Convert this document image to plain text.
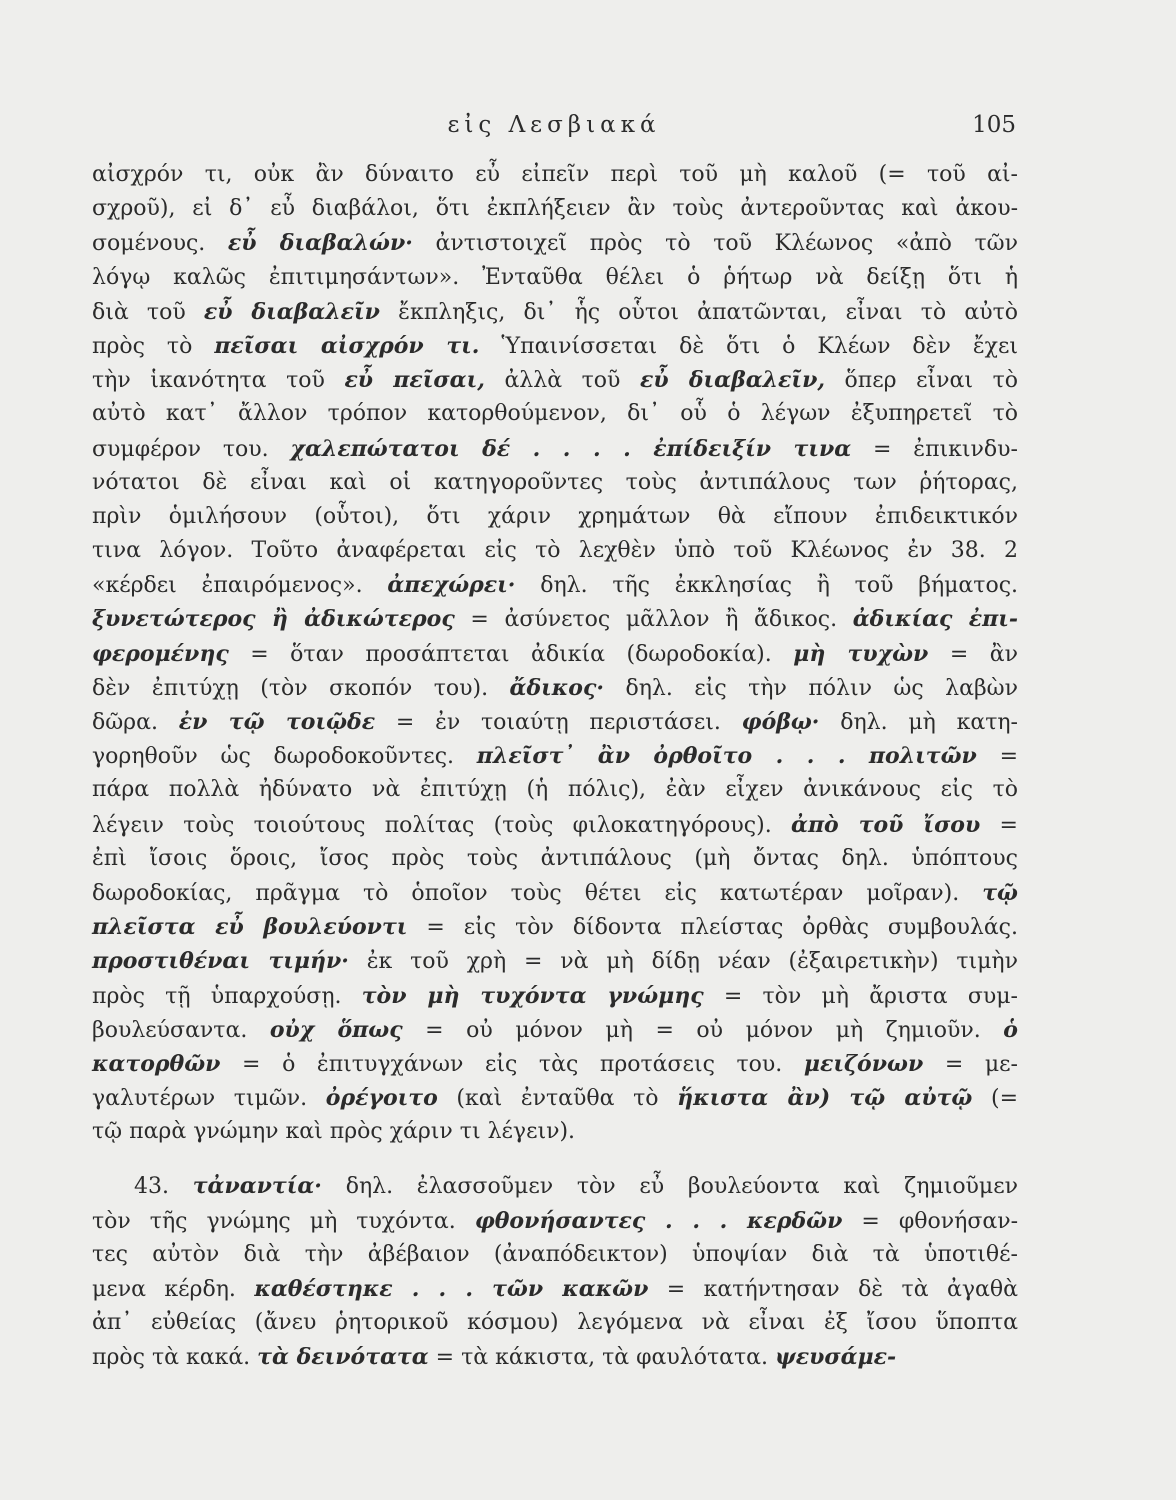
εἰς Λεσβιακά	105
αἰσχρόν τι, οὐκ ἂν δύναιτο εὖ εἰπεῖν περὶ τοῦ μὴ καλοῦ (= τοῦ αἰ-
σχροῦ), εἰ δ᾽ εὖ διαβάλοι, ὅτι ἐκπλήξειεν ἂν τοὺς ἀντεροῦντας καὶ ἀκου-
σομένους. εὖ διαβαλών· ἀντιστοιχεῖ πρὸς τὸ τοῦ Κλέωνος «ἀπὸ τῶν
λόγῳ καλῶς ἐπιτιμησάντων». Ἐνταῦθα θέλει ὁ ῥήτωρ νὰ δείξῃ ὅτι ἡ
διὰ τοῦ εὖ διαβαλεῖν ἔκπληξις, δι᾽ ἧς οὗτοι ἀπατῶνται, εἶναι τὸ αὐτὸ
πρὸς τὸ πεῖσαι αἰσχρόν τι. Ὑπαινίσσεται δὲ ὅτι ὁ Κλέων δὲν ἔχει
τὴν ἱκανότητα τοῦ εὖ πεῖσαι, ἀλλὰ τοῦ εὖ διαβαλεῖν, ὅπερ εἶναι τὸ
αὐτὸ κατ᾽ ἄλλον τρόπον κατορθούμενον, δι᾽ οὗ ὁ λέγων ἐξυπηρετεῖ τὸ
συμφέρον του. χαλεπώτατοι δέ . . . . ἐπίδειξίν τινα = ἐπικινδυ-
νότατοι δὲ εἶναι καὶ οἱ κατηγοροῦντες τοὺς ἀντιπάλους των ῥήτορας,
πρὶν ὁμιλήσουν (οὗτοι), ὅτι χάριν χρημάτων θὰ εἴπουν ἐπιδεικτικόν
τινα λόγον. Τοῦτο ἀναφέρεται εἰς τὸ λεχθὲν ὑπὸ τοῦ Κλέωνος ἐν 38. 2
«κέρδει ἐπαιρόμενος». ἀπεχώρει· δηλ. τῆς ἐκκλησίας ἢ τοῦ βήματος.
ξυνετώτερος ἢ ἀδικώτερος = ἀσύνετος μᾶλλον ἢ ἄδικος. ἀδικίας ἐπι-
φερομένης = ὅταν προσάπτεται ἀδικία (δωροδοκία). μὴ τυχὼν = ἂν
δὲν ἐπιτύχῃ (τὸν σκοπόν του). ἄδικος· δηλ. εἰς τὴν πόλιν ὡς λαβὼν
δῶρα. ἐν τῷ τοιῷδε = ἐν τοιαύτῃ περιστάσει. φόβῳ· δηλ. μὴ κατη-
γορηθοῦν ὡς δωροδοκοῦντες. πλεῖστ᾽ ἂν ὀρθοῖτο . . . πολιτῶν =
πάρα πολλὰ ἠδύνατο νὰ ἐπιτύχῃ (ἡ πόλις), ἐὰν εἶχεν ἀνικάνους εἰς τὸ
λέγειν τοὺς τοιούτους πολίτας (τοὺς φιλοκατηγόρους). ἀπὸ τοῦ ἴσου =
ἐπὶ ἴσοις ὅροις, ἴσος πρὸς τοὺς ἀντιπάλους (μὴ ὄντας δηλ. ὑπόπτους
δωροδοκίας, πρᾶγμα τὸ ὁποῖον τοὺς θέτει εἰς κατωτέραν μοῖραν). τῷ
πλεῖστα εὖ βουλεύοντι = εἰς τὸν δίδοντα πλείστας ὀρθὰς συμβουλάς.
προστιθέναι τιμήν· ἐκ τοῦ χρὴ = νὰ μὴ δίδῃ νέαν (ἐξαιρετικὴν) τιμὴν
πρὸς τῇ ὑπαρχούσῃ. τὸν μὴ τυχόντα γνώμης = τὸν μὴ ἄριστα συμ-
βουλεύσαντα. οὐχ ὅπως = οὐ μόνον μὴ = οὐ μόνον μὴ ζημιοῦν. ὁ
κατορθῶν = ὁ ἐπιτυγχάνων εἰς τὰς προτάσεις του. μειζόνων = με-
γαλυτέρων τιμῶν. ὀρέγοιτο (καὶ ἐνταῦθα τὸ ἥκιστα ἂν) τῷ αὐτῷ (=
τῷ παρὰ γνώμην καὶ πρὸς χάριν τι λέγειν).
43. τἀναντία· δηλ. ἐλασσοῦμεν τὸν εὖ βουλεύοντα καὶ ζημιοῦμεν
τὸν τῆς γνώμης μὴ τυχόντα. φθονήσαντες . . . κερδῶν = φθονήσαν-
τες αὐτὸν διὰ τὴν ἀβέβαιον (ἀναπόδεικτον) ὑποψίαν διὰ τὰ ὑποτιθέ-
μενα κέρδη. καθέστηκε . . . τῶν κακῶν = κατήντησαν δὲ τὰ ἀγαθὰ
ἀπ᾽ εὐθείας (ἄνευ ῥητορικοῦ κόσμου) λεγόμενα νὰ εἶναι ἐξ ἴσου ὕποπτα
πρὸς τὰ κακά. τὰ δεινότατα = τὰ κάκιστα, τὰ φαυλότατα. ψευσάμε-
